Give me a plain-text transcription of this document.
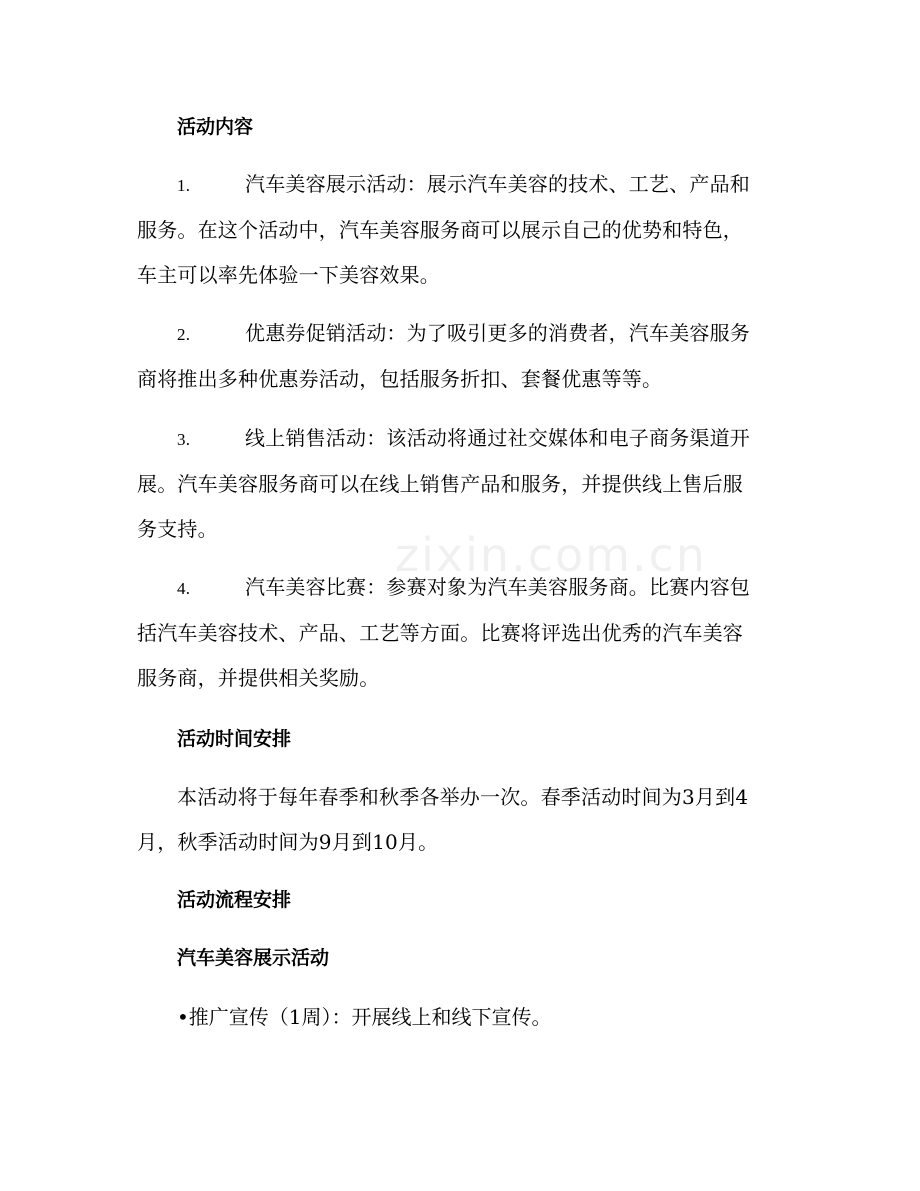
活动内容
1.	汽车美容展示活动：展示汽车美容的技术、工艺、产品和
服务。在这个活动中，汽车美容服务商可以展示自己的优势和特色，
车主可以率先体验一下美容效果。
2.	优惠券促销活动：为了吸引更多的消费者，汽车美容服务
商将推出多种优惠券活动，包括服务折扣、套餐优惠等等。
3.	线上销售活动：该活动将通过社交媒体和电子商务渠道开
展。汽车美容服务商可以在线上销售产品和服务，并提供线上售后服
务支持。
4.	汽车美容比赛：参赛对象为汽车美容服务商。比赛内容包
括汽车美容技术、产品、工艺等方面。比赛将评选出优秀的汽车美容
服务商，并提供相关奖励。
活动时间安排
本活动将于每年春季和秋季各举办一次。春季活动时间为3月到4
月，秋季活动时间为9月到10月。
活动流程安排
汽车美容展示活动

•推广宣传（1周）：开展线上和线下宣传。

zixin.com.cn
